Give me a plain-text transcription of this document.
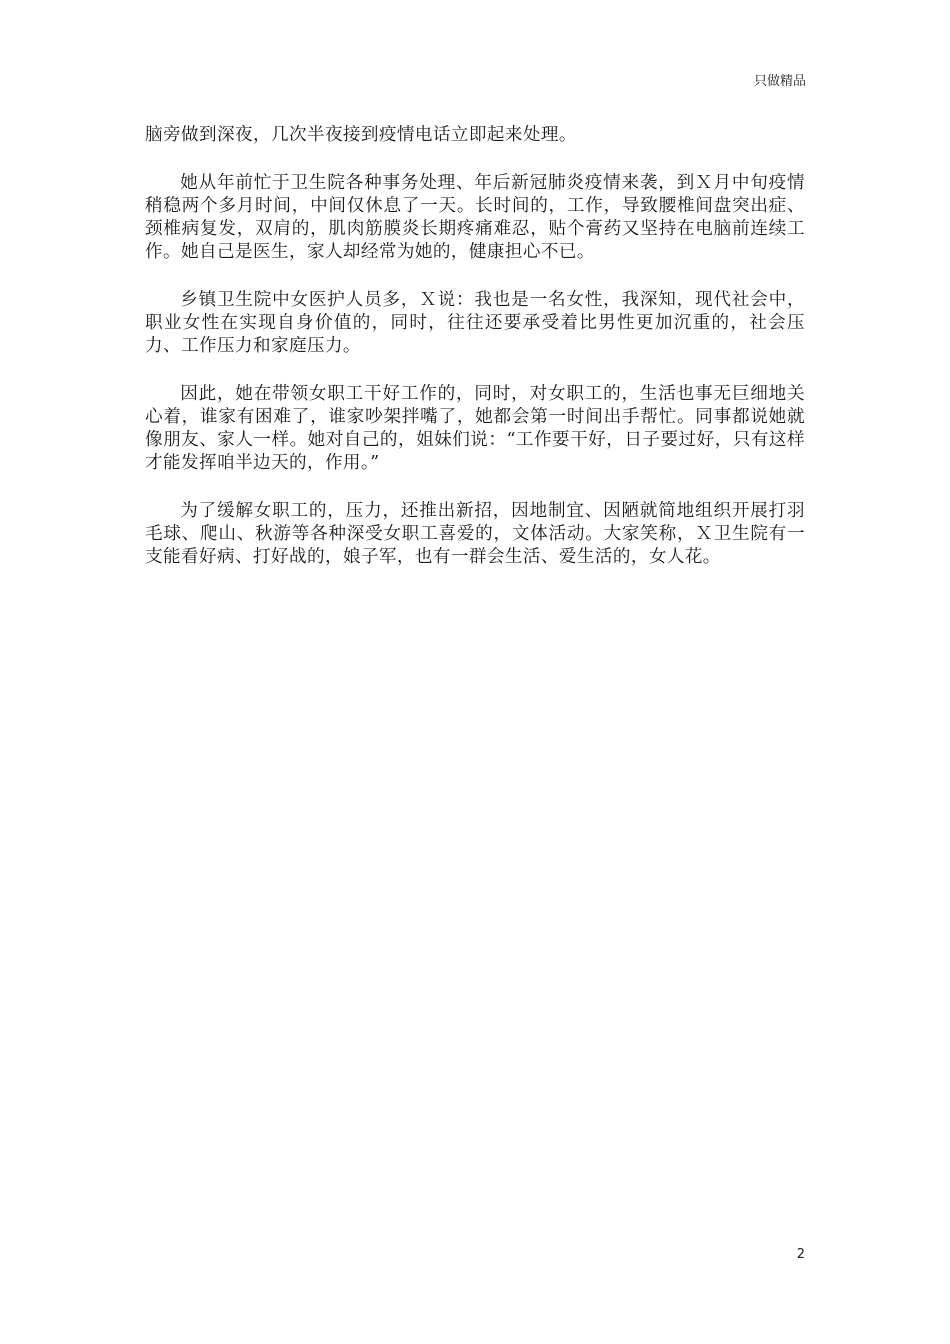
只做精品

脑旁做到深夜，几次半夜接到疫情电话立即起来处理。

她从年前忙于卫生院各种事务处理、年后新冠肺炎疫情来袭，到Ｘ月中旬疫情稍稳两个多月时间，中间仅休息了一天。长时间的，工作，导致腰椎间盘突出症、颈椎病复发，双肩的，肌肉筋膜炎长期疼痛难忍，贴个膏药又坚持在电脑前连续工作。她自己是医生，家人却经常为她的，健康担心不已。

乡镇卫生院中女医护人员多，Ｘ说：我也是一名女性，我深知，现代社会中，职业女性在实现自身价值的，同时，往往还要承受着比男性更加沉重的，社会压力、工作压力和家庭压力。

因此，她在带领女职工干好工作的，同时，对女职工的，生活也事无巨细地关心着，谁家有困难了，谁家吵架拌嘴了，她都会第一时间出手帮忙。同事都说她就像朋友、家人一样。她对自己的，姐妹们说：“工作要干好，日子要过好，只有这样才能发挥咱半边天的，作用。”

为了缓解女职工的，压力，还推出新招，因地制宜、因陋就简地组织开展打羽毛球、爬山、秋游等各种深受女职工喜爱的，文体活动。大家笑称，Ｘ卫生院有一支能看好病、打好战的，娘子军，也有一群会生活、爱生活的，女人花。

2
